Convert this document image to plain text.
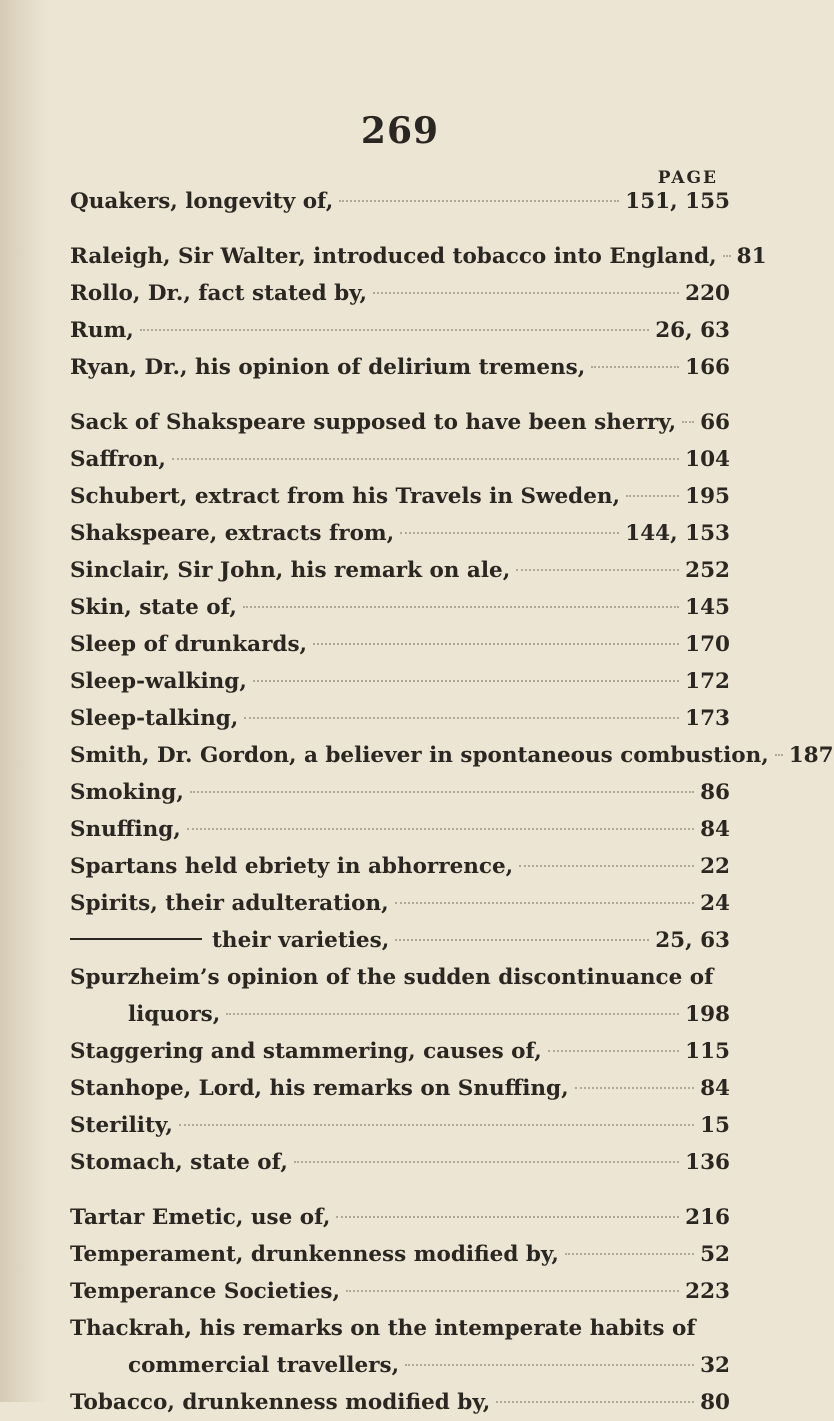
269
PAGE
Quakers, longevity of,	151, 155
Raleigh, Sir Walter, introduced tobacco into England, 81
Rollo, Dr., fact stated by,	220
Rum,	26, 63
Ryan, Dr., his opinion of delirium tremens,	166
Sack of Shakspeare supposed to have been sherry, 66
Saffron,	104
Schubert, extract from his Travels in Sweden,	195
Shakspeare, extracts from,	144, 153
Sinclair, Sir John, his remark on ale,	252
Skin, state of,	145
Sleep of drunkards,	170
Sleep-walking,	172
Sleep-talking,	173
Smith, Dr. Gordon, a believer in spontaneous combustion, 187
Smoking,	86
Snuffing,	84
Spartans held ebriety in abhorrence,	22
Spirits, their adulteration,	24
their varieties,	25, 63
Spurzheim’s opinion of the sudden discontinuance of
liquors,	198
Staggering and stammering, causes of,	115
Stanhope, Lord, his remarks on Snuffing,	84
Sterility,	15
Stomach, state of,	136
Tartar Emetic, use of,	216
Temperament, drunkenness modified by,	52
Temperance Societies,	223
Thackrah, his remarks on the intemperate habits of
commercial travellers,	32
Tobacco, drunkenness modified by,	80
